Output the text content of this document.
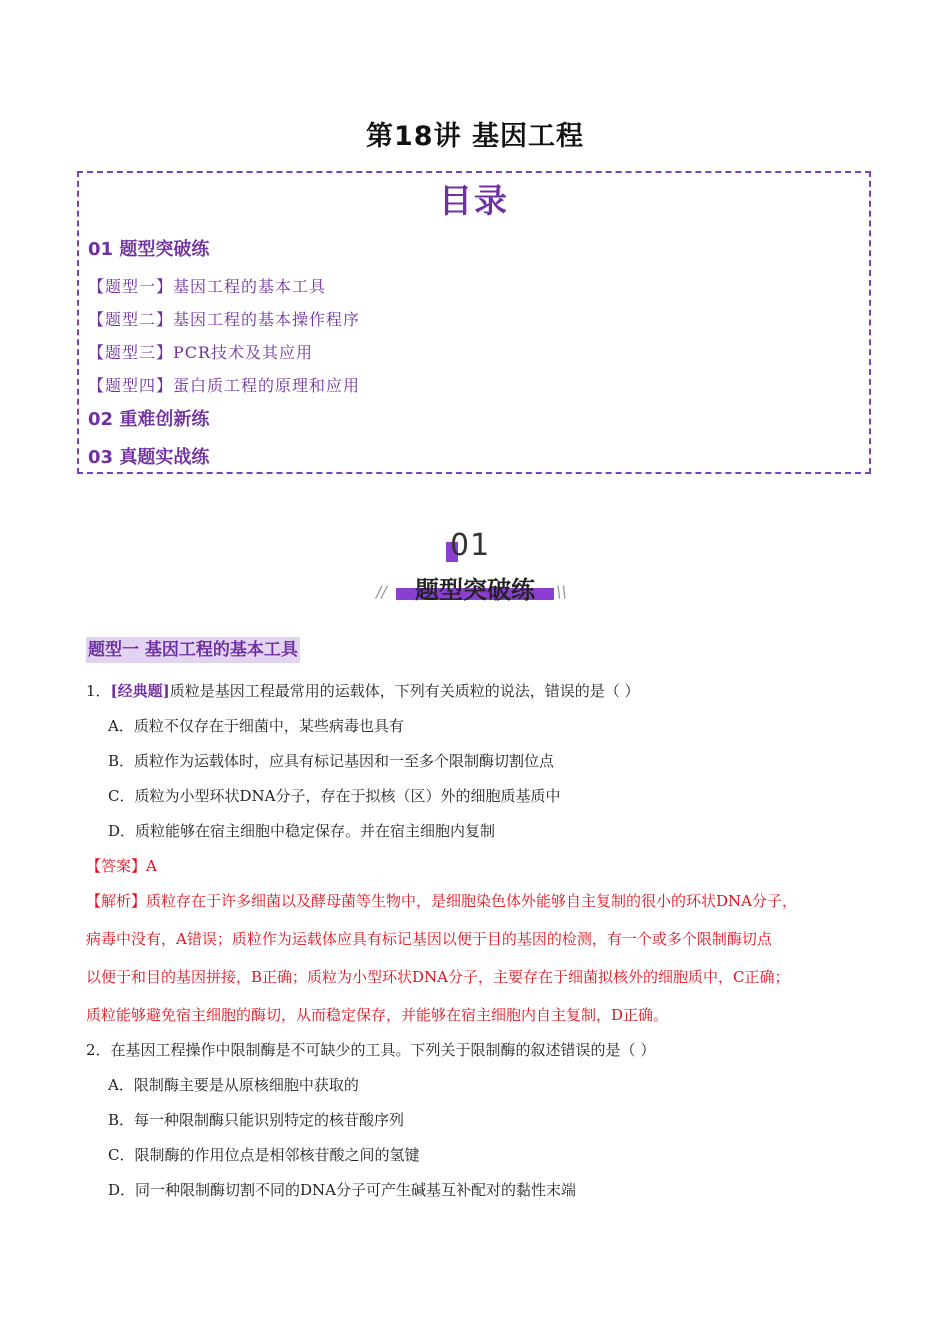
第18讲 基因工程
目录
01 题型突破练
【题型一】基因工程的基本工具
【题型二】基因工程的基本操作程序
【题型三】PCR技术及其应用
【题型四】蛋白质工程的原理和应用
02 重难创新练
03 真题实战练
01
题型突破练
//	\\
题型一 基因工程的基本工具
1．[经典题]质粒是基因工程最常用的运载体，下列有关质粒的说法，错误的是（ ）
A．质粒不仅存在于细菌中，某些病毒也具有
B．质粒作为运载体时，应具有标记基因和一至多个限制酶切割位点
C．质粒为小型环状DNA分子，存在于拟核（区）外的细胞质基质中
D．质粒能够在宿主细胞中稳定保存。并在宿主细胞内复制
【答案】A
【解析】质粒存在于许多细菌以及酵母菌等生物中，是细胞染色体外能够自主复制的很小的环状DNA分子，
病毒中没有，A错误；质粒作为运载体应具有标记基因以便于目的基因的检测，有一个或多个限制酶切点
以便于和目的基因拼接，B正确；质粒为小型环状DNA分子，主要存在于细菌拟核外的细胞质中，C正确；
质粒能够避免宿主细胞的酶切，从而稳定保存，并能够在宿主细胞内自主复制，D正确。
2．在基因工程操作中限制酶是不可缺少的工具。下列关于限制酶的叙述错误的是（ ）
A．限制酶主要是从原核细胞中获取的
B．每一种限制酶只能识别特定的核苷酸序列
C．限制酶的作用位点是相邻核苷酸之间的氢键
D．同一种限制酶切割不同的DNA分子可产生碱基互补配对的黏性末端
